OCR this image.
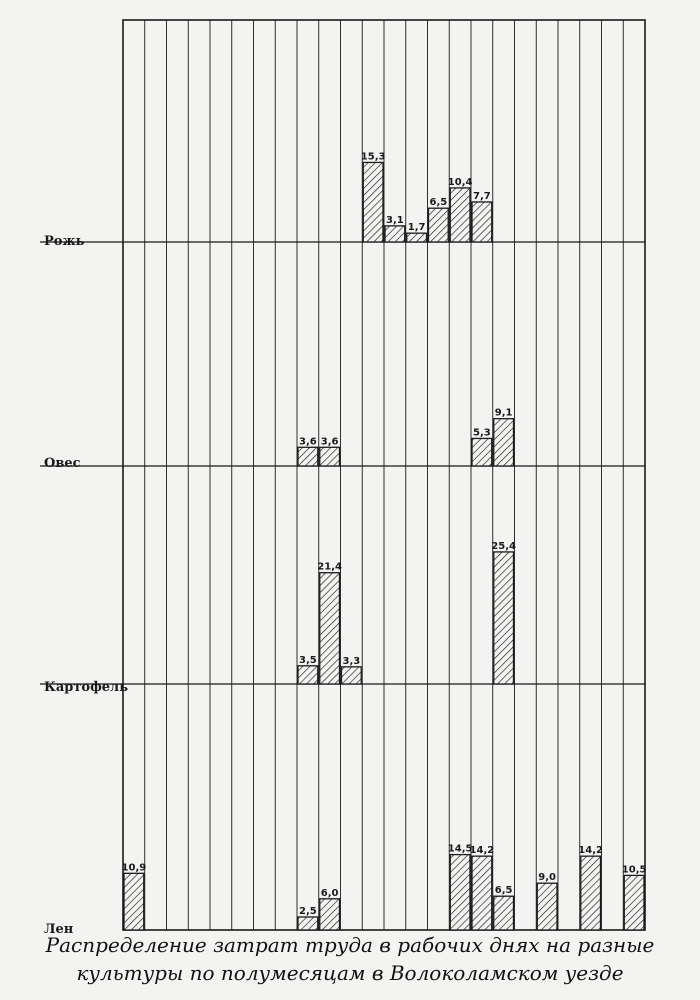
15,3
3,1
1,7
6,5
10,4
7,7
3,6 3,6
5,3
9,1
3,5
21,4
3,3
25,4
10,9
2,5
6,0
14,5
14,2
6,5
9,0
14,2
10,5
Рожь
Овес
Картофель
Лен
Распределение затрат труда в рабочих днях на разные
культуры по полумесяцам в Волоколамском уезде
